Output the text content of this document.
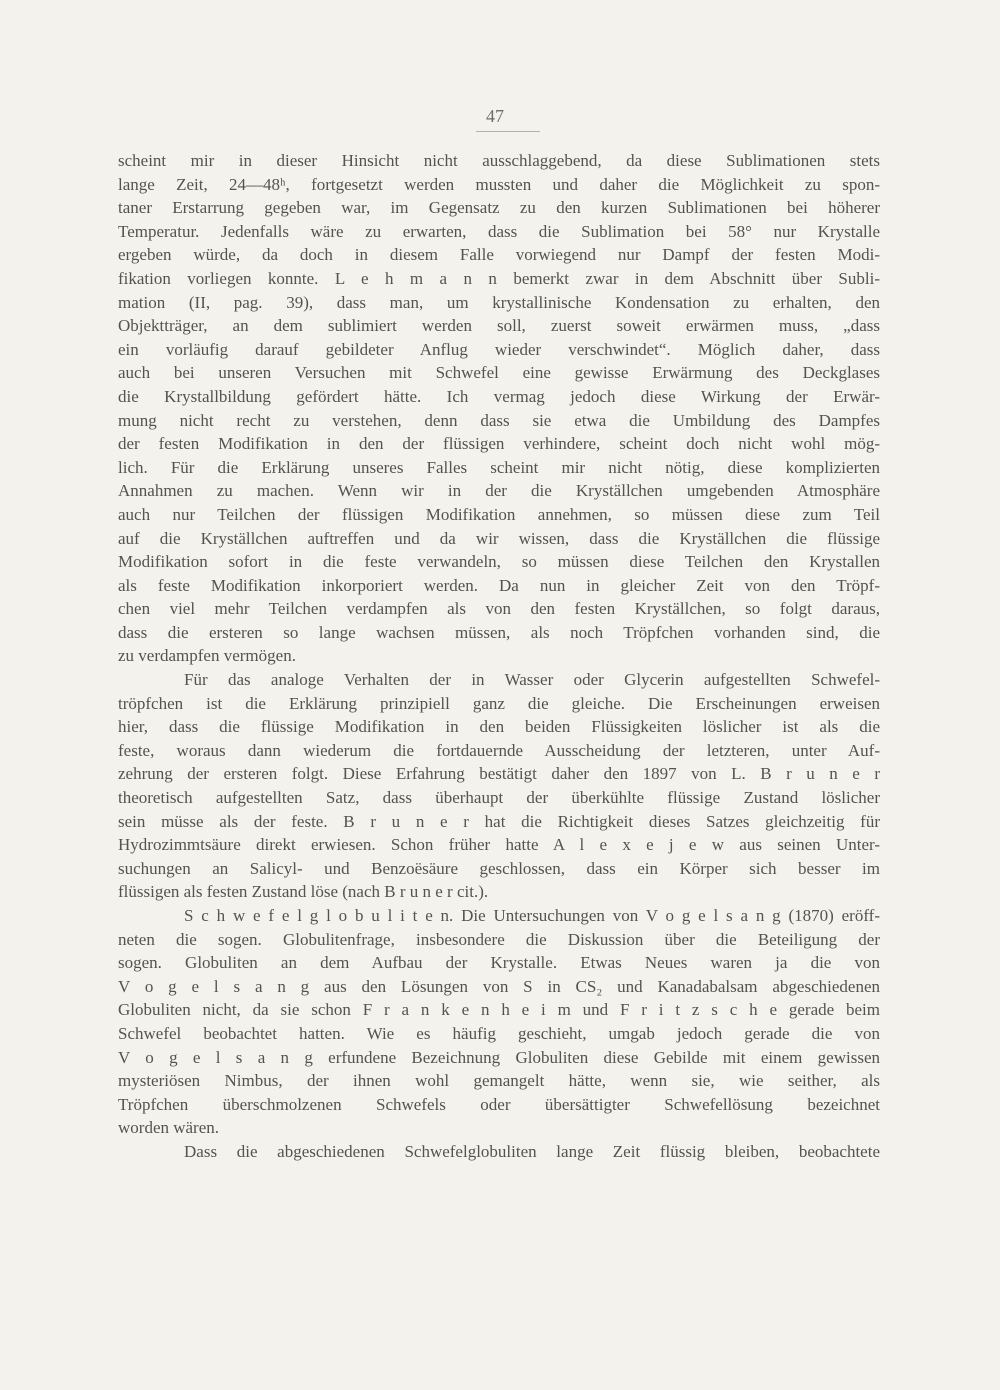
47
scheint mir in dieser Hinsicht nicht ausschlaggebend, da diese Sublimationen stets
lange Zeit, 24—48ʰ, fortgesetzt werden mussten und daher die Möglichkeit zu spon-
taner Erstarrung gegeben war, im Gegensatz zu den kurzen Sublimationen bei höherer
Temperatur. Jedenfalls wäre zu erwarten, dass die Sublimation bei 58° nur Krystalle
ergeben würde, da doch in diesem Falle vorwiegend nur Dampf der festen Modi-
fikation vorliegen konnte. L e h m a n n bemerkt zwar in dem Abschnitt über Subli-
mation (II, pag. 39), dass man, um krystallinische Kondensation zu erhalten, den
Objektträger, an dem sublimiert werden soll, zuerst soweit erwärmen muss, „dass
ein vorläufig darauf gebildeter Anflug wieder verschwindet“. Möglich daher, dass
auch bei unseren Versuchen mit Schwefel eine gewisse Erwärmung des Deckglases
die Krystallbildung gefördert hätte. Ich vermag jedoch diese Wirkung der Erwär-
mung nicht recht zu verstehen, denn dass sie etwa die Umbildung des Dampfes
der festen Modifikation in den der flüssigen verhindere, scheint doch nicht wohl mög-
lich. Für die Erklärung unseres Falles scheint mir nicht nötig, diese komplizierten
Annahmen zu machen. Wenn wir in der die Kryställchen umgebenden Atmosphäre
auch nur Teilchen der flüssigen Modifikation annehmen, so müssen diese zum Teil
auf die Kryställchen auftreffen und da wir wissen, dass die Kryställchen die flüssige
Modifikation sofort in die feste verwandeln, so müssen diese Teilchen den Krystallen
als feste Modifikation inkorporiert werden. Da nun in gleicher Zeit von den Tröpf-
chen viel mehr Teilchen verdampfen als von den festen Kryställchen, so folgt daraus,
dass die ersteren so lange wachsen müssen, als noch Tröpfchen vorhanden sind, die
zu verdampfen vermögen.
Für das analoge Verhalten der in Wasser oder Glycerin aufgestellten Schwefel-
tröpfchen ist die Erklärung prinzipiell ganz die gleiche. Die Erscheinungen erweisen
hier, dass die flüssige Modifikation in den beiden Flüssigkeiten löslicher ist als die
feste, woraus dann wiederum die fortdauernde Ausscheidung der letzteren, unter Auf-
zehrung der ersteren folgt. Diese Erfahrung bestätigt daher den 1897 von L. B r u n e r
theoretisch aufgestellten Satz, dass überhaupt der überkühlte flüssige Zustand löslicher
sein müsse als der feste. B r u n e r hat die Richtigkeit dieses Satzes gleichzeitig für
Hydrozimmtsäure direkt erwiesen. Schon früher hatte A l e x e j e w aus seinen Unter-
suchungen an Salicyl- und Benzoësäure geschlossen, dass ein Körper sich besser im
flüssigen als festen Zustand löse (nach B r u n e r cit.).
S c h w e f e l g l o b u l i t e n. Die Untersuchungen von V o g e l s a n g (1870) eröff-
neten die sogen. Globulitenfrage, insbesondere die Diskussion über die Beteiligung der
sogen. Globuliten an dem Aufbau der Krystalle. Etwas Neues waren ja die von
V o g e l s a n g aus den Lösungen von S in CS₂ und Kanadabalsam abgeschiedenen
Globuliten nicht, da sie schon F r a n k e n h e i m und F r i t z s c h e gerade beim
Schwefel beobachtet hatten. Wie es häufig geschieht, umgab jedoch gerade die von
V o g e l s a n g erfundene Bezeichnung Globuliten diese Gebilde mit einem gewissen
mysteriösen Nimbus, der ihnen wohl gemangelt hätte, wenn sie, wie seither, als
Tröpfchen überschmolzenen Schwefels oder übersättigter Schwefellösung bezeichnet
worden wären.
Dass die abgeschiedenen Schwefelglobuliten lange Zeit flüssig bleiben, beobachtete
